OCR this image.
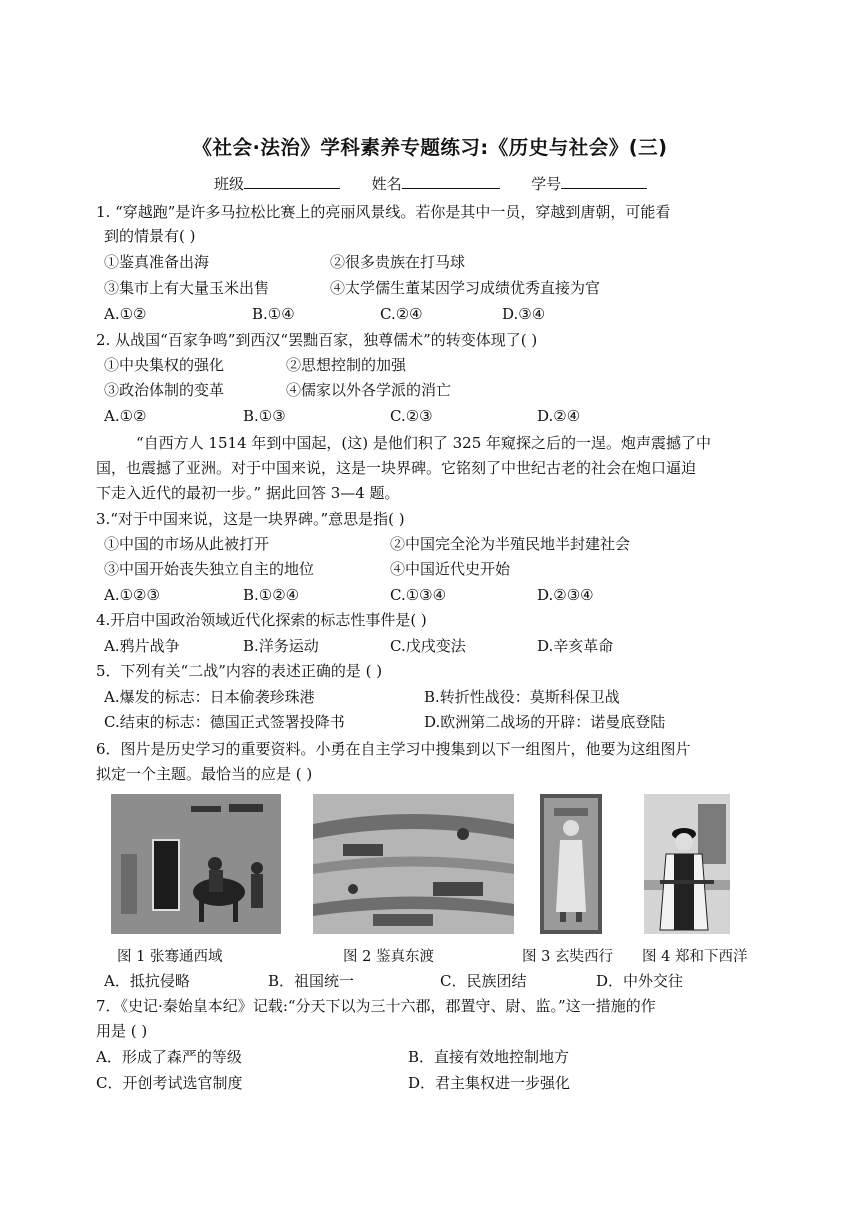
《社会·法治》学科素养专题练习:《历史与社会》(三)
班级	姓名	学号
1. “穿越跑”是许多马拉松比赛上的亮丽风景线。若你是其中一员，穿越到唐朝，可能看
到的情景有( )
①鉴真准备出海	②很多贵族在打马球
③集市上有大量玉米出售	④太学儒生董某因学习成绩优秀直接为官
A.①②	B.①④	C.②④	D.③④
2. 从战国“百家争鸣”到西汉“罢黜百家，独尊儒术”的转变体现了( )
①中央集权的强化	②思想控制的加强
③政治体制的变革	④儒家以外各学派的消亡
A.①②	B.①③	C.②③	D.②④
“自西方人 1514 年到中国起，(这) 是他们积了 325 年窥探之后的一逞。炮声震撼了中
国，也震撼了亚洲。对于中国来说，这是一块界碑。它铭刻了中世纪古老的社会在炮口逼迫
下走入近代的最初一步。” 据此回答 3—4 题。
3.“对于中国来说，这是一块界碑。”意思是指( )
①中国的市场从此被打开	②中国完全沦为半殖民地半封建社会
③中国开始丧失独立自主的地位	④中国近代史开始
A.①②③	B.①②④	C.①③④	D.②③④
4.开启中国政治领域近代化探索的标志性事件是( )
A.鸦片战争	B.洋务运动	C.戊戌变法	D.辛亥革命
5．下列有关“二战”内容的表述正确的是 ( )
A.爆发的标志：日本偷袭珍珠港	B.转折性战役：莫斯科保卫战
C.结束的标志：德国正式签署投降书	D.欧洲第二战场的开辟：诺曼底登陆
6．图片是历史学习的重要资料。小勇在自主学习中搜集到以下一组图片，他要为这组图片
拟定一个主题。最恰当的应是 ( )
图 1 张骞通西域	图 2 鉴真东渡	图 3 玄奘西行 图 4 郑和下西洋
A．抵抗侵略	B．祖国统一	C．民族团结	D．中外交往
7．《史记·秦始皇本纪》记载:“分天下以为三十六郡，郡置守、尉、监。”这一措施的作
用是 ( )
A．形成了森严的等级	B．直接有效地控制地方
C．开创考试选官制度	D．君主集权进一步强化
